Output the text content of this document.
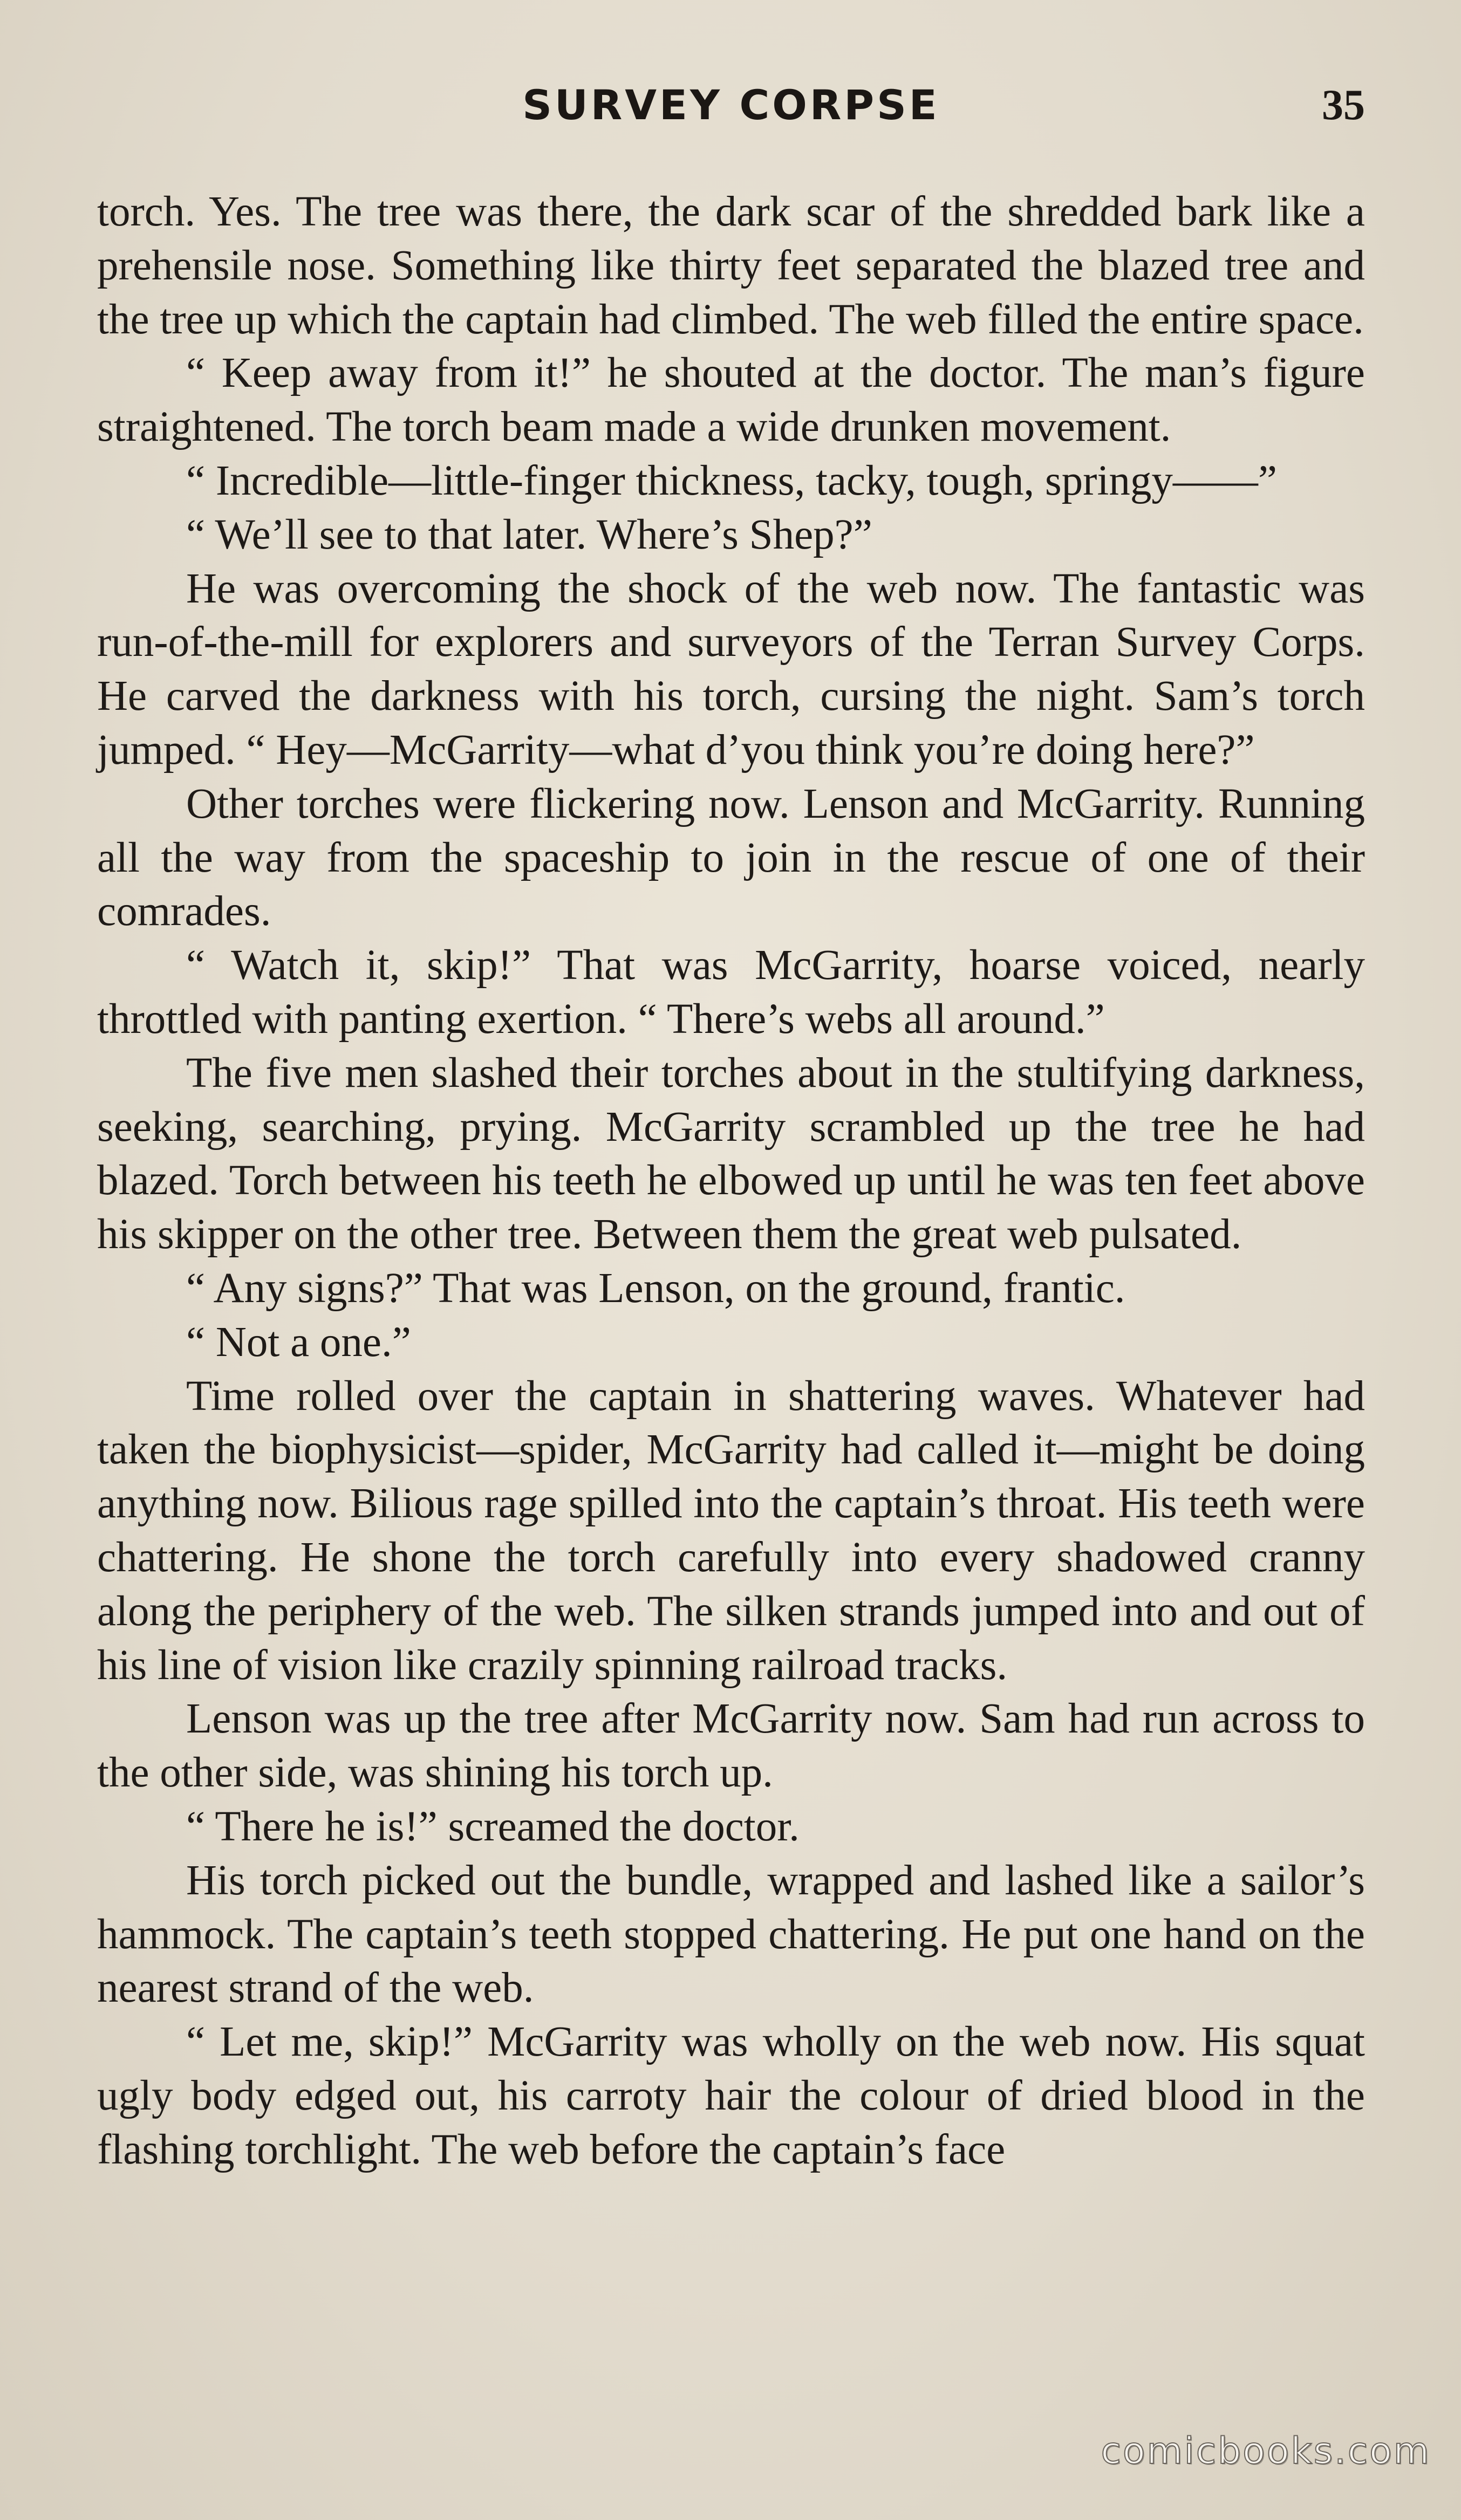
SURVEY CORPSE	35

torch. Yes. The tree was there, the dark scar of the shredded bark like a prehensile nose. Something like thirty feet separated the blazed tree and the tree up which the captain had climbed. The web filled the entire space.

“ Keep away from it!” he shouted at the doctor. The man’s figure straightened. The torch beam made a wide drunken movement.

“ Incredible—little-finger thickness, tacky, tough, springy——”

“ We’ll see to that later. Where’s Shep?”

He was overcoming the shock of the web now. The fantastic was run-of-the-mill for explorers and surveyors of the Terran Survey Corps. He carved the darkness with his torch, cursing the night. Sam’s torch jumped. “ Hey—McGarrity—what d’you think you’re doing here?”

Other torches were flickering now. Lenson and McGarrity. Running all the way from the spaceship to join in the rescue of one of their comrades.

“ Watch it, skip!” That was McGarrity, hoarse voiced, nearly throttled with panting exertion. “ There’s webs all around.”

The five men slashed their torches about in the stultifying darkness, seeking, searching, prying. McGarrity scrambled up the tree he had blazed. Torch between his teeth he elbowed up until he was ten feet above his skipper on the other tree. Between them the great web pulsated.

“ Any signs?” That was Lenson, on the ground, frantic.

“ Not a one.”

Time rolled over the captain in shattering waves. Whatever had taken the biophysicist—spider, McGarrity had called it—might be doing anything now. Bilious rage spilled into the captain’s throat. His teeth were chattering. He shone the torch carefully into every shadowed cranny along the periphery of the web. The silken strands jumped into and out of his line of vision like crazily spinning railroad tracks.

Lenson was up the tree after McGarrity now. Sam had run across to the other side, was shining his torch up.

“ There he is!” screamed the doctor.

His torch picked out the bundle, wrapped and lashed like a sailor’s hammock. The captain’s teeth stopped chattering. He put one hand on the nearest strand of the web.

“ Let me, skip!” McGarrity was wholly on the web now. His squat ugly body edged out, his carroty hair the colour of dried blood in the flashing torchlight. The web before the captain’s face

comicbooks.com
